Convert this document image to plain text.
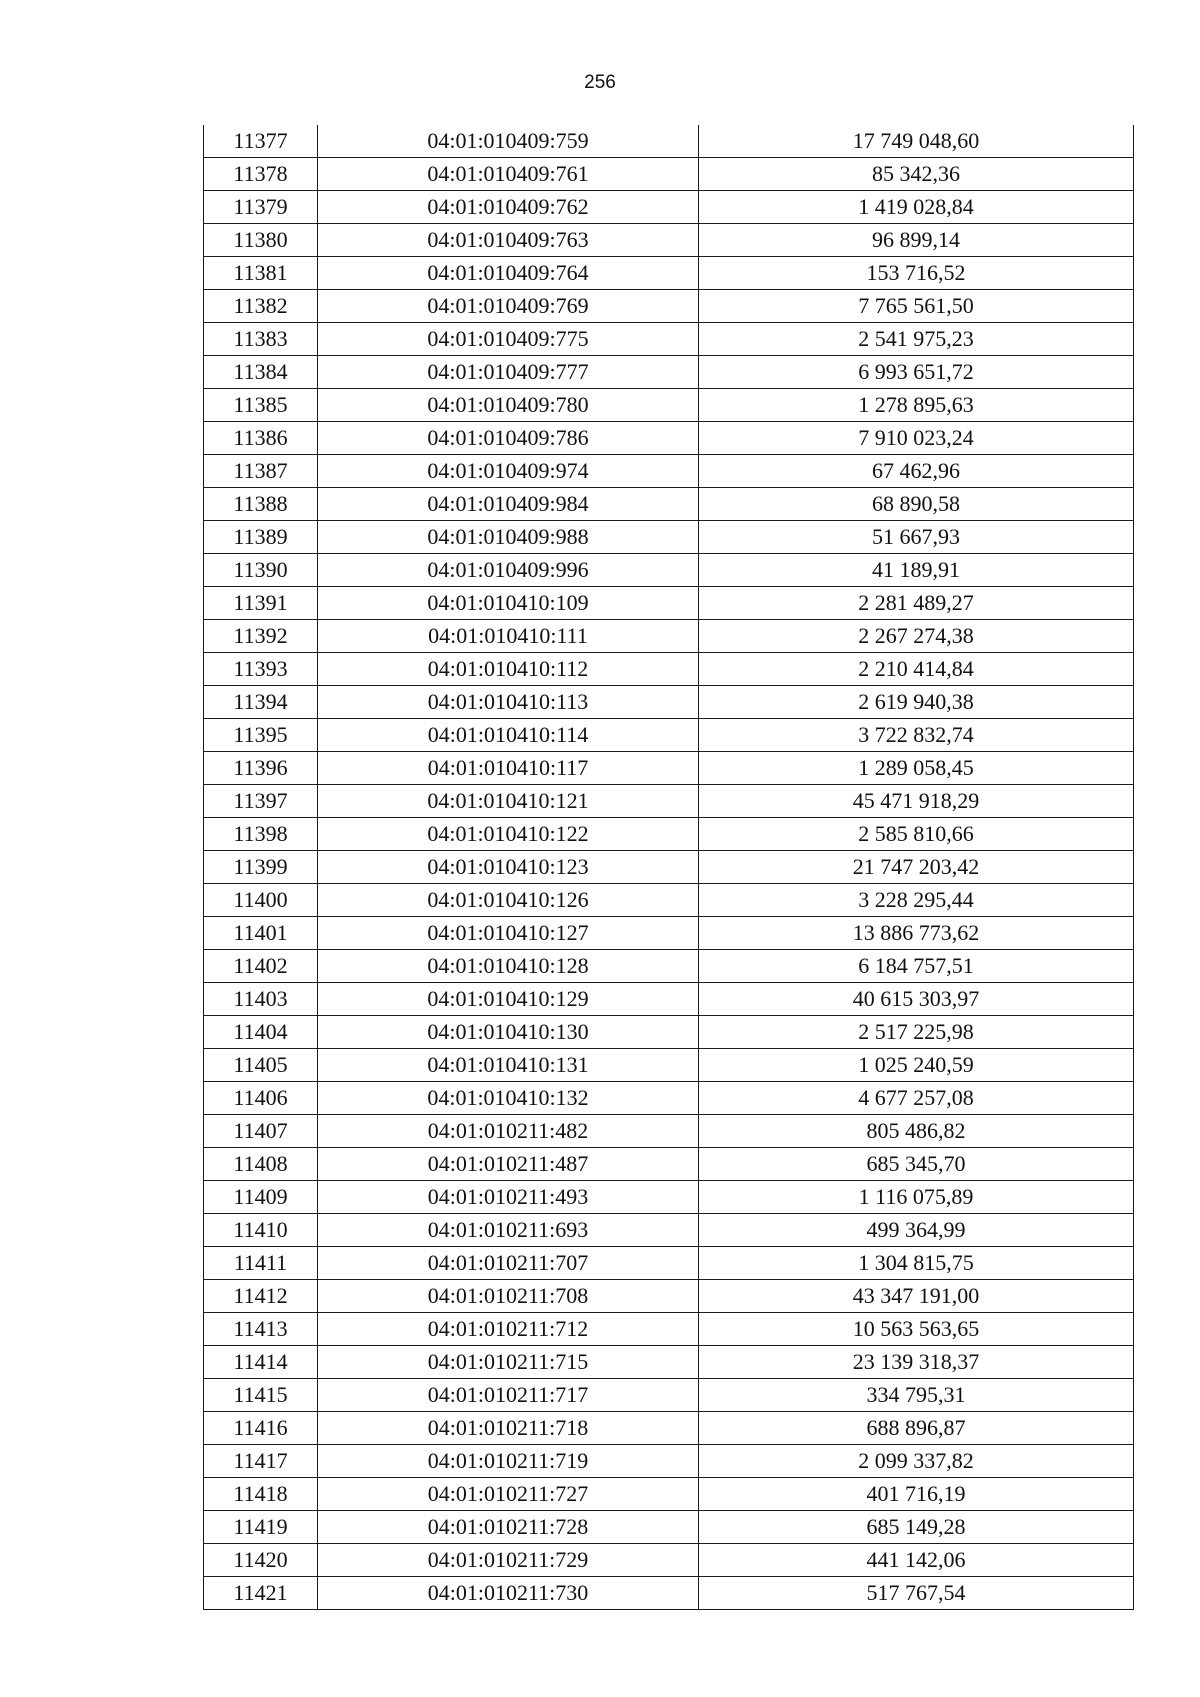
256
11377	04:01:010409:759	17 749 048,60
11378	04:01:010409:761	85 342,36
11379	04:01:010409:762	1 419 028,84
11380	04:01:010409:763	96 899,14
11381	04:01:010409:764	153 716,52
11382	04:01:010409:769	7 765 561,50
11383	04:01:010409:775	2 541 975,23
11384	04:01:010409:777	6 993 651,72
11385	04:01:010409:780	1 278 895,63
11386	04:01:010409:786	7 910 023,24
11387	04:01:010409:974	67 462,96
11388	04:01:010409:984	68 890,58
11389	04:01:010409:988	51 667,93
11390	04:01:010409:996	41 189,91
11391	04:01:010410:109	2 281 489,27
11392	04:01:010410:111	2 267 274,38
11393	04:01:010410:112	2 210 414,84
11394	04:01:010410:113	2 619 940,38
11395	04:01:010410:114	3 722 832,74
11396	04:01:010410:117	1 289 058,45
11397	04:01:010410:121	45 471 918,29
11398	04:01:010410:122	2 585 810,66
11399	04:01:010410:123	21 747 203,42
11400	04:01:010410:126	3 228 295,44
11401	04:01:010410:127	13 886 773,62
11402	04:01:010410:128	6 184 757,51
11403	04:01:010410:129	40 615 303,97
11404	04:01:010410:130	2 517 225,98
11405	04:01:010410:131	1 025 240,59
11406	04:01:010410:132	4 677 257,08
11407	04:01:010211:482	805 486,82
11408	04:01:010211:487	685 345,70
11409	04:01:010211:493	1 116 075,89
11410	04:01:010211:693	499 364,99
11411	04:01:010211:707	1 304 815,75
11412	04:01:010211:708	43 347 191,00
11413	04:01:010211:712	10 563 563,65
11414	04:01:010211:715	23 139 318,37
11415	04:01:010211:717	334 795,31
11416	04:01:010211:718	688 896,87
11417	04:01:010211:719	2 099 337,82
11418	04:01:010211:727	401 716,19
11419	04:01:010211:728	685 149,28
11420	04:01:010211:729	441 142,06
11421	04:01:010211:730	517 767,54
